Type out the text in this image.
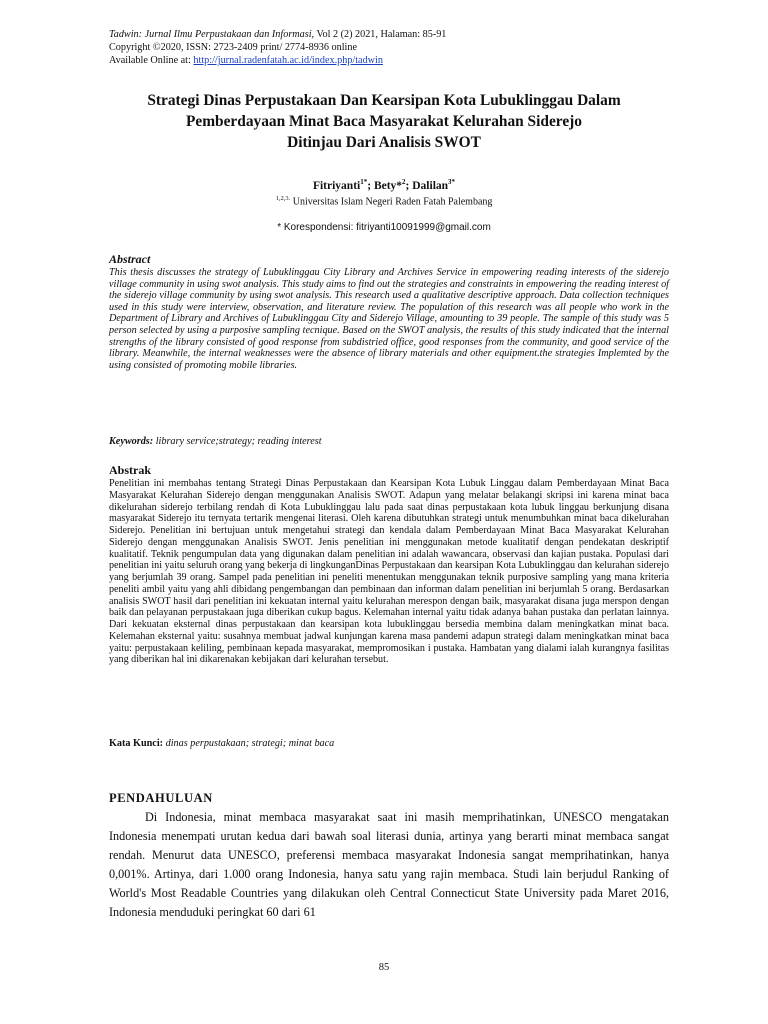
Tadwin: Jurnal Ilmu Perpustakaan dan Informasi, Vol 2 (2) 2021, Halaman: 85-91
Copyright ©2020, ISSN: 2723-2409 print/ 2774-8936 online
Available Online at: http://jurnal.radenfatah.ac.id/index.php/tadwin
Strategi Dinas Perpustakaan Dan Kearsipan Kota Lubuklinggau Dalam
Pemberdayaan Minat Baca Masyarakat Kelurahan Siderejo
Ditinjau Dari Analisis SWOT
Fitriyanti$^{1*}$; Bety*$^2$; Dalilan$^{3*}$
$^{1,2,3.}$ Universitas Islam Negeri Raden Fatah Palembang
* Korespondensi: fitriyanti10091999@gmail.com
Abstract
This thesis discusses the strategy of Lubuklinggau City Library and Archives Service in empowering reading interests of the siderejo village community in using swot analysis. This study aims to find out the strategies and constraints in empowering the reading interest of the siderejo village community by using swot analysis. This research used a qualitative descriptive approach. Data collection techniques used in this study were interview, observation, and literature review. The population of this research was all people who work in the Department of Library and Archives of Lubuklinggau City and Siderejo Village, amounting to 39 people. The sample of this study was 5 person selected by using a purposive sampling tecnique. Based on the SWOT analysis, the results of this study indicated that the internal strengths of the library consisted of good response from subdistried office, good responses from the community, and good service of the library. Meanwhile, the internal weaknesses were the absence of library materials and other equipment.the strategies Implemted by the using consisted of promoting mobile libraries.
Keywords: library service;strategy; reading interest
Abstrak
Penelitian ini membahas tentang Strategi Dinas Perpustakaan dan Kearsipan Kota Lubuk Linggau dalam Pemberdayaan Minat Baca Masyarakat Kelurahan Siderejo dengan menggunakan Analisis SWOT. Adapun yang melatar belakangi skripsi ini karena minat baca dikelurahan siderejo terbilang rendah di Kota Lubuklinggau lalu pada saat dinas perpustakaan kota lubuk linggau berkunjung disana masyarakat Siderejo itu ternyata tertarik mengenai literasi. Oleh karena dibutuhkan strategi untuk menumbuhkan minat baca dikelurahan Siderejo. Penelitian ini bertujuan untuk mengetahui strategi dan kendala dalam Pemberdayaan Minat Baca Masyarakat Kelurahan Siderejo dengan menggunakan Analisis SWOT. Jenis penelitian ini menggunakan metode kualitatif dengan pendekatan deskriptif kualitatif. Teknik pengumpulan data yang digunakan dalam penelitian ini adalah wawancara, observasi dan kajian pustaka. Populasi dari penelitian ini yaitu seluruh orang yang bekerja di lingkunganDinas Perpustakaan dan kearsipan Kota Lubuklinggau dan kelurahan siderejo yang berjumlah 39 orang. Sampel pada penelitian ini peneliti menentukan menggunakan teknik purposive sampling yang mana kriteria peneliti ambil yaitu yang ahli dibidang pengembangan dan pembinaan dan informan dalam penelitian ini berjumlah 5 orang. Berdasarkan analisis SWOT hasil dari penelitian ini kekuatan internal yaitu kelurahan merespon dengan baik, masyarakat disana juga merspon dengan baik dan pelayanan perpustakaan juga diberikan cukup bagus. Kelemahan internal yaitu tidak adanya bahan pustaka dan perlatan lainnya. Dari kekuatan eksternal dinas perpustakaan dan kearsipan kota lubuklinggau bersedia membina dalam meningkatkan minat baca. Kelemahan eksternal yaitu: susahnya membuat jadwal kunjungan karena masa pandemi adapun strategi dalam meningkatkan minat baca yaitu: perpustakaan keliling, pembinaan kepada masyarakat, mempromosikan i pustaka. Hambatan yang dialami ialah kurangnya fasilitas yang diberikan hal ini dikarenakan kebijakan dari kelurahan tersebut.
Kata Kunci: dinas perpustakaan; strategi; minat baca
PENDAHULUAN
Di Indonesia, minat membaca masyarakat saat ini masih memprihatinkan, UNESCO mengatakan Indonesia menempati urutan kedua dari bawah soal literasi dunia, artinya yang berarti minat membaca sangat rendah. Menurut data UNESCO, preferensi membaca masyarakat Indonesia sangat memprihatinkan, hanya 0,001%. Artinya, dari 1.000 orang Indonesia, hanya satu yang rajin membaca. Studi lain berjudul Ranking of World's Most Readable Countries yang dilakukan oleh Central Connecticut State University pada Maret 2016, Indonesia menduduki peringkat 60 dari 61
85
